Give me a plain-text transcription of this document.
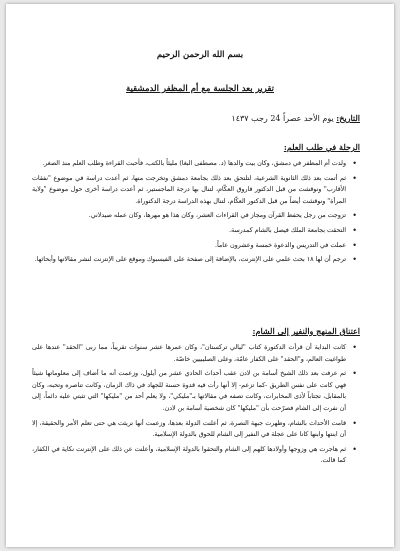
بسم الله الرحمن الرحيم
تقرير بعد الجلسة مع أم المظفر الدمشقية
التاريخ: يوم الأحد عصراً 24 رجب ١٤٣٧
الرحلة في طلب العلم:
• ولدت أم المظفر في دمشق، وكان بيت والدها (د. مصطفى البغا) مليئاً بالكتب، فأحبت القراءة وطلب العلم منذ الصغر.
• ثم أتمت بعد ذلك الثانوية الشرعية، لتلتحق بعد ذلك بجامعة دمشق وتخرجت منها، ثم أعدت دراسة في موضوع "نفقات الأقارب" ونوقشت من قبل الدكتور فاروق العكّام، لتنال بها درجة الماجستير، ثم أعدت دراسة أخرى حول موضوع "ولاية المرأة" ونوقشت أيضاً من قبل الدكتور العكّام، لتنال بهذه الدراسة درجة الدكتوراة.
• تزوجت من رجل يحفظ القرآن ومجاز في القراءات العشر، وكان هذا هو مهرها، وكان عمله صيدلاني.
• التحقت بجامعة الملك فيصل بالشام كمدرسة.
• عملت في التدريس والدعوة خمسة وعشرون عاماً.
• ترجم أن لها ١٨ بحث علمي على الإنترنت، بالإضافة إلى صفحة على الفيسبوك وموقع على الإنترنت لنشر مقالاتها وأبحاثها.
اعتناق المنهج والنفير إلى الشام:
• كانت البداية أن قرأت الدكتورة كتاب "ليالي تركستان"، وكان عمرها عشر سنوات تقريباً، مما ربى "الحقد" عندها على طواغيت العالم، و"الحقد" على الكفار عامّة، وعلى الصليبيين خاصّة.
• ثم عرفت بعد ذلك الشيخ أسامة بن لادن عقب أحداث الحادي عشر من أيلول، وزعمت أنه ما أضاف إلى معلوماتها شيئاً فهي كانت على نفس الطريق -كما تزعم- إلا أنها رأت فيه قدوة حسنة للجهاد في ذاك الزمان، وكانت تناصره وتحبه، وكان بالمقابل، تجتاباً لأذى المخابرات، وكانت تصفه في مقالاتها بـ"مليكي"، ولا يعلم أحد من "مليكها" التي تثبتي عليه دائماً، إلى أن نفرت إلى الشام فصرّحت بأن "مليكها" كان شخصية أسامة بن لادن.
• قامت الأحداث بالشام، وظهرت جبهة النصرة، ثم أعلنت الدولة بعدها، وزعمت أنها تريثت هي حتى تعلم الأمر والحقيقة، إلا أن ابنتها وابنها كانا على عجلة في النفير إلى الشام للحوق بالدولة الإسلامية.
• ثم هاجرت هي وزوجها وأولادها كلهم إلى الشام والتحقوا بالدولة الإسلامية، وأعلنت عن ذلك على الإنترنت نكاية في الكفار، كما قالت.
